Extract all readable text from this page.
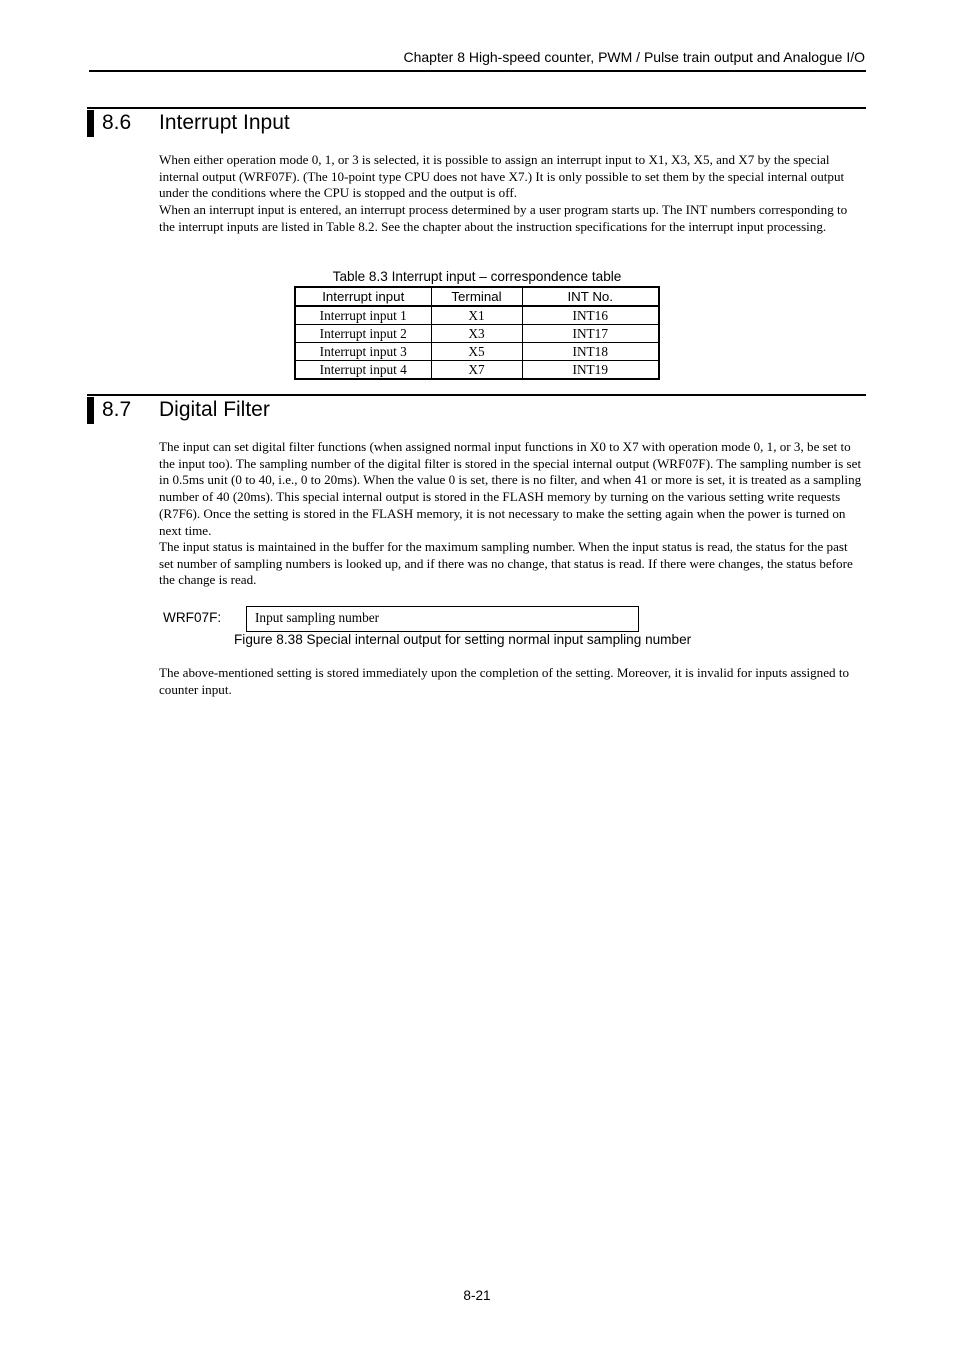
Chapter 8 High-speed counter, PWM / Pulse train output and Analogue I/O
8.6 Interrupt Input

When either operation mode 0, 1, or 3 is selected, it is possible to assign an interrupt input to X1, X3, X5, and X7 by the special internal output (WRF07F). (The 10-point type CPU does not have X7.) It is only possible to set them by the special internal output under the conditions where the CPU is stopped and the output is off.

When an interrupt input is entered, an interrupt process determined by a user program starts up. The INT numbers corresponding to the interrupt inputs are listed in Table 8.2. See the chapter about the instruction specifications for the interrupt input processing.

Table 8.3 Interrupt input – correspondence table
Interrupt input	Terminal	INT No.
Interrupt input 1	X1	INT16
Interrupt input 2	X3	INT17
Interrupt input 3	X5	INT18
Interrupt input 4	X7	INT19
8.7 Digital Filter

The input can set digital filter functions (when assigned normal input functions in X0 to X7 with operation mode 0, 1, or 3, be set to the input too). The sampling number of the digital filter is stored in the special internal output (WRF07F). The sampling number is set in 0.5ms unit (0 to 40, i.e., 0 to 20ms). When the value 0 is set, there is no filter, and when 41 or more is set, it is treated as a sampling number of 40 (20ms). This special internal output is stored in the FLASH memory by turning on the various setting write requests (R7F6). Once the setting is stored in the FLASH memory, it is not necessary to make the setting again when the power is turned on next time.

The input status is maintained in the buffer for the maximum sampling number. When the input status is read, the status for the past set number of sampling numbers is looked up, and if there was no change, that status is read. If there were changes, the status before the change is read.

WRF07F:	Input sampling number
Figure 8.38 Special internal output for setting normal input sampling number

The above-mentioned setting is stored immediately upon the completion of the setting. Moreover, it is invalid for inputs assigned to counter input.

8-21
